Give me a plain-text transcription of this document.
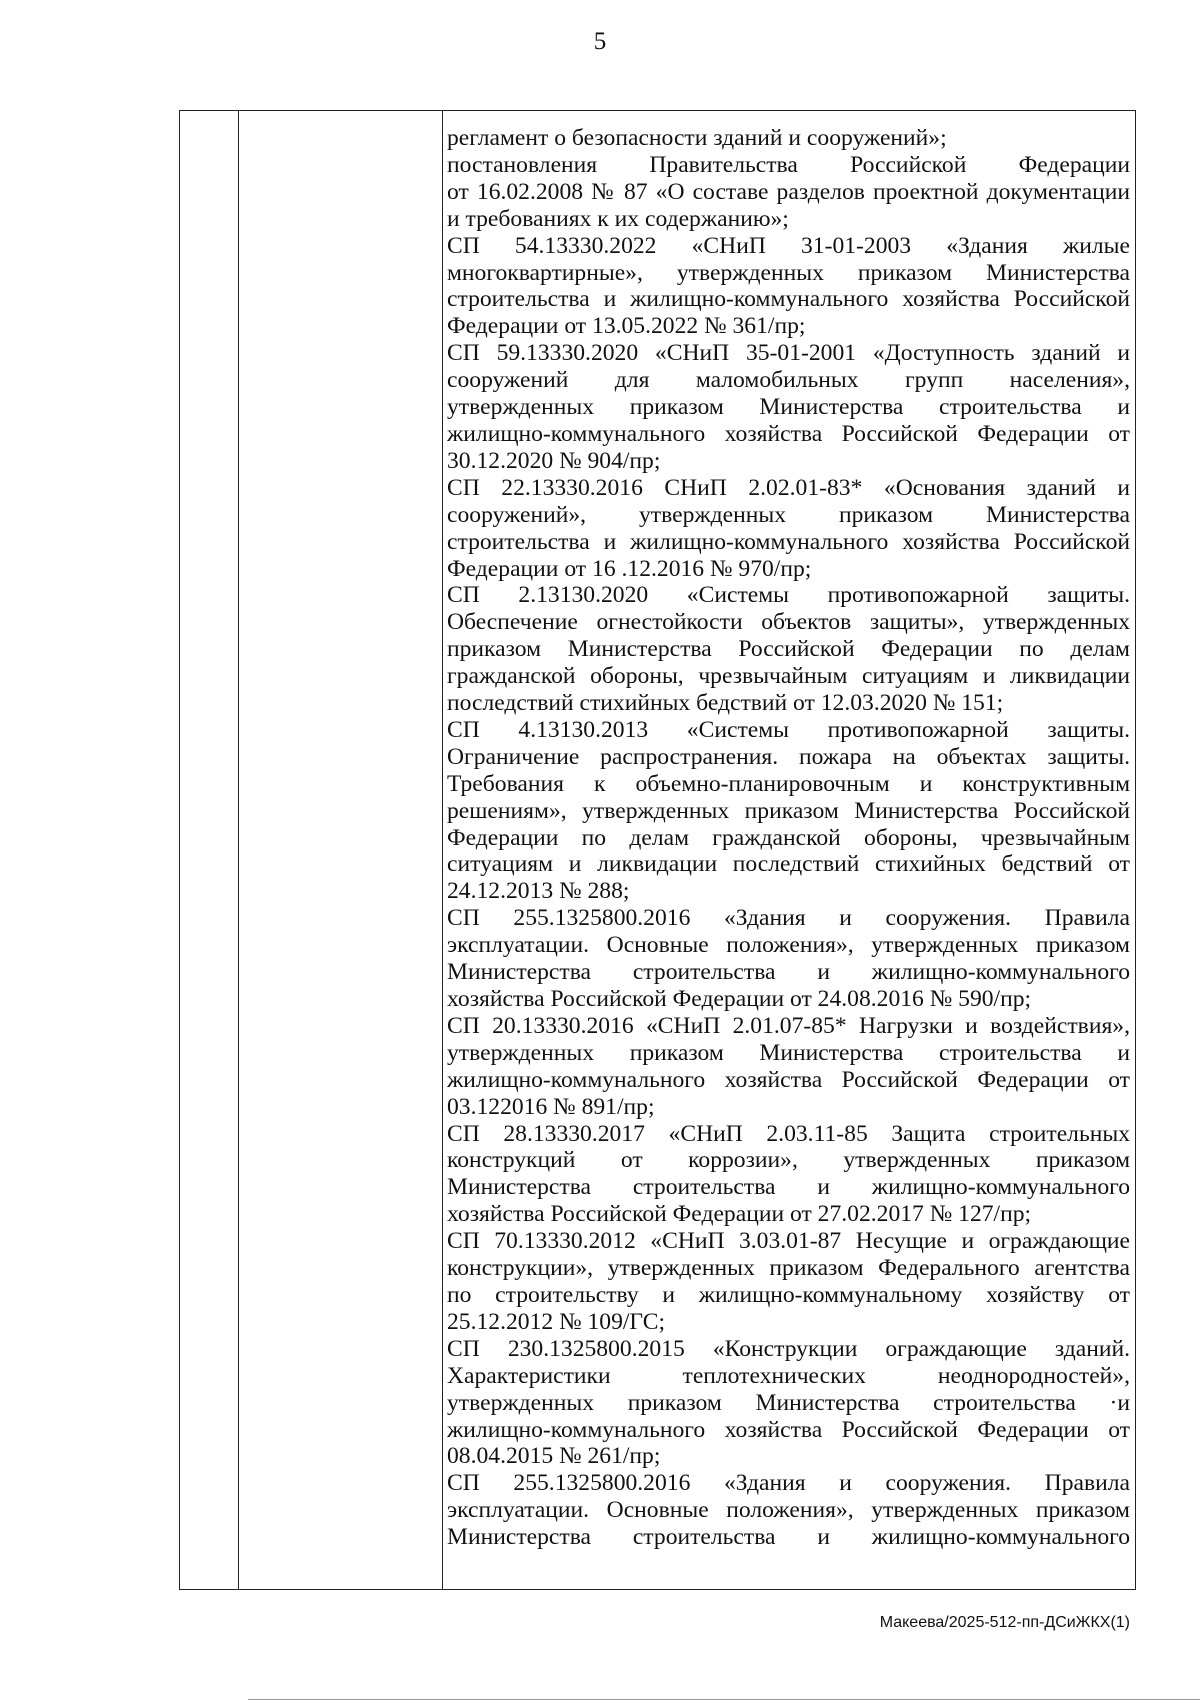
5
регламент о безопасности зданий и сооружений»;
постановления Правительства Российской Федерации
от 16.02.2008 № 87 «О составе разделов проектной документации
и требованиях к их содержанию»;
СП 54.13330.2022 «СНиП 31-01-2003 «Здания жилые
многоквартирные», утвержденных приказом Министерства
строительства и жилищно-коммунального хозяйства Российской
Федерации от 13.05.2022 № 361/пр;
СП 59.13330.2020 «СНиП 35-01-2001 «Доступность зданий и
сооружений для маломобильных групп населения»,
утвержденных приказом Министерства строительства и
жилищно-коммунального хозяйства Российской Федерации от
30.12.2020 № 904/пр;
СП 22.13330.2016 СНиП 2.02.01-83* «Основания зданий и
сооружений», утвержденных приказом Министерства
строительства и жилищно-коммунального хозяйства Российской
Федерации от 16 .12.2016 № 970/пр;
СП 2.13130.2020 «Системы противопожарной защиты.
Обеспечение огнестойкости объектов защиты», утвержденных
приказом Министерства Российской Федерации по делам
гражданской обороны, чрезвычайным ситуациям и ликвидации
последствий стихийных бедствий от 12.03.2020 № 151;
СП 4.13130.2013 «Системы противопожарной защиты.
Ограничение распространения. пожара на объектах защиты.
Требования к объемно-планировочным и конструктивным
решениям», утвержденных приказом Министерства Российской
Федерации по делам гражданской обороны, чрезвычайным
ситуациям и ликвидации последствий стихийных бедствий от
24.12.2013 № 288;
СП 255.1325800.2016 «Здания и сооружения. Правила
эксплуатации. Основные положения», утвержденных приказом
Министерства строительства и жилищно-коммунального
хозяйства Российской Федерации от 24.08.2016 № 590/пр;
СП 20.13330.2016 «СНиП 2.01.07-85* Нагрузки и воздействия»,
утвержденных приказом Министерства строительства и
жилищно-коммунального хозяйства Российской Федерации от
03.122016 № 891/пр;
СП 28.13330.2017 «СНиП 2.03.11-85 Защита строительных
конструкций от коррозии», утвержденных приказом
Министерства строительства и жилищно-коммунального
хозяйства Российской Федерации от 27.02.2017 № 127/пр;
СП 70.13330.2012 «СНиП 3.03.01-87 Несущие и ограждающие
конструкции», утвержденных приказом Федерального агентства
по строительству и жилищно-коммунальному хозяйству от
25.12.2012 № 109/ГС;
СП 230.1325800.2015 «Конструкции ограждающие зданий.
Характеристики теплотехнических неоднородностей»,
утвержденных приказом Министерства строительства ·и
жилищно-коммунального хозяйства Российской Федерации от
08.04.2015 № 261/пр;
СП 255.1325800.2016 «Здания и сооружения. Правила
эксплуатации. Основные положения», утвержденных приказом
Министерства строительства и жилищно-коммунального
Макеева/2025-512-пп-ДСиЖКХ(1)
